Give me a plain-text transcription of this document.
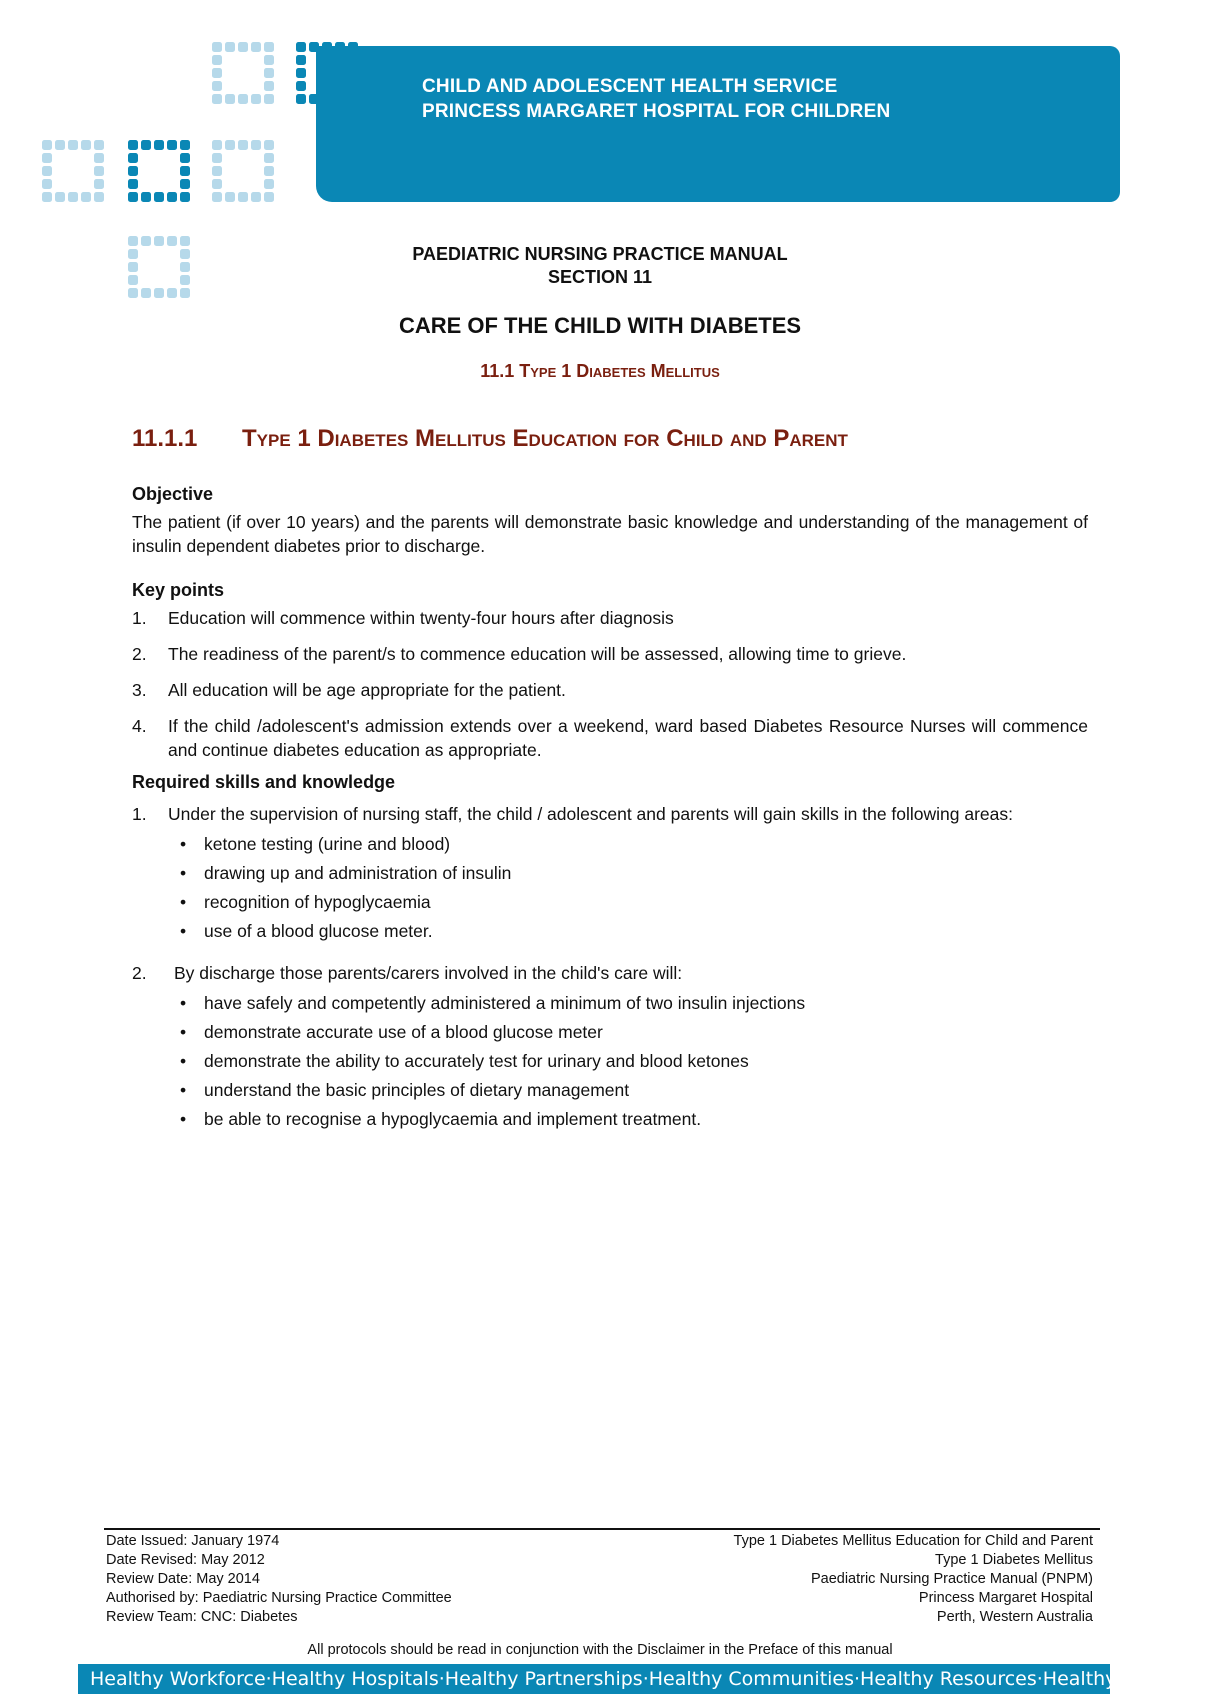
CHILD AND ADOLESCENT HEALTH SERVICE
PRINCESS MARGARET HOSPITAL FOR CHILDREN
PAEDIATRIC NURSING PRACTICE MANUAL
SECTION 11
CARE OF THE CHILD WITH DIABETES
11.1 Type 1 Diabetes Mellitus
11.1.1 Type 1 Diabetes Mellitus Education for Child and Parent
Objective

The patient (if over 10 years) and the parents will demonstrate basic knowledge and understanding of the management of insulin dependent diabetes prior to discharge.

Key points
1. Education will commence within twenty-four hours after diagnosis
2. The readiness of the parent/s to commence education will be assessed, allowing time to grieve.
3. All education will be age appropriate for the patient.
4. If the child /adolescent's admission extends over a weekend, ward based Diabetes Resource Nurses will commence and continue diabetes education as appropriate.
Required skills and knowledge
1. Under the supervision of nursing staff, the child / adolescent and parents will gain skills in the following areas:
• ketone testing (urine and blood)
• drawing up and administration of insulin
• recognition of hypoglycaemia
• use of a blood glucose meter.
2. By discharge those parents/carers involved in the child's care will:
• have safely and competently administered a minimum of two insulin injections
• demonstrate accurate use of a blood glucose meter
• demonstrate the ability to accurately test for urinary and blood ketones
• understand the basic principles of dietary management
• be able to recognise a hypoglycaemia and implement treatment.
Date Issued: January 1974
Date Revised: May 2012
Review Date: May 2014
Authorised by: Paediatric Nursing Practice Committee
Review Team: CNC: Diabetes
Type 1 Diabetes Mellitus Education for Child and Parent
Type 1 Diabetes Mellitus
Paediatric Nursing Practice Manual (PNPM)
Princess Margaret Hospital
Perth, Western Australia
All protocols should be read in conjunction with the Disclaimer in the Preface of this manual
Healthy Workforce·Healthy Hospitals·Healthy Partnerships·Healthy Communities·Healthy Resources·Healthy Leadership
